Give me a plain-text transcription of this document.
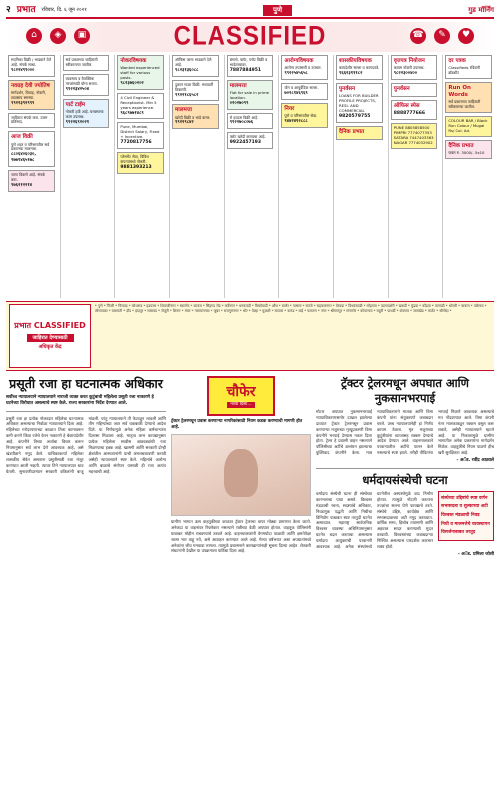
२ प्रभात रविवार, दि. ६ जून २०२१	पुणे	गुड मॉर्निंग
⌂	◈	▣	CLASSIFIED	☎	✎	♥
सदनिका विक्री / भाड्याने देणे आहे. संपर्क साधा.
९८२२४९९०००
नवग्रह देवी ज्योतिष
मार्गदर्शन, विवाह, नोकरी, व्यवसाय समस्या.
९९२२३९२९९९
जाहिरात संपर्क करा. उत्तम प्रतिसाद.
आज विक्री
पुणे शहर व परिसरातील सर्व प्रकारच्या मालमत्ता.
८८०६४०६०३०, ९७७१४६५१७८
जागा विकणे आहे. संपर्क करा.
९७६२१२२१४
सर्व प्रकारच्या जाहिराती स्वीकारल्या जातील.
व्यवसाय व वैयक्तिक गरजांसाठी योग्य सल्ला.
९९२२३४२५०४
पार्ट टाईम
नोकरी हवी आहे. घरबसल्या काम उपलब्ध.
९९२२६९२०२१
नोकरविषयक
Wanted experienced staff for various posts.
९८२३७६०२०२
4 Civil Engineer & Receptionist. Min 5 years experience.
९६८९७७१४८९
Pune, Mumbai, District Salary, Fixed + Incentive.
7720817756
प्लेसमेंट सेवा, विविध कंपन्यांमध्ये नोकरी.
9881393213
ऑफिस जागा भाड्याने देणे आहे.
९८२३१३६०८८
दुकान गाळा विक्री. मध्यवर्ती ठिकाणी.
९९२२१८६५८२
मालमत्ता
खरेदी विक्री व भाडे करार.
९९२२९८४२
बंगलो, फ्लॅट, प्लॉट विक्री व भाडेतत्त्वावर.
7887884951
मालमत्ता
Flat for sale in prime location.
०२०२७०९९
रो हाऊस विक्री आहे.
९९२२७०८०७६
फ्लॅट खरेदी करायचा आहे.
9922457193
आरोग्यविषयक
आरोग्य तपासणी व उपचार.
९९२२५४५६५८
योग व आयुर्वेदिक सल्ला.
७०२८१४६९६९
नियर
पुणे व परिसरातील सेवा.
९४४२४१२८८८
शासकीयविषयक
कायदेशीर सल्ला व कागदपत्रे.
९६६२३१११८२
पुनर्वसन
LOANS FOR BUILDER PROFILE PROJECTS, RESI- AND COMMERCIAL
9820579755
दैनिक प्रभात
वृत्तपत्र नियोजन
कायम नोकरी उपलब्ध.
९८२२३००४००
पुनर्वसन
ऑफिस स्पेस
8888777666
PUNE 8805858500 PIMPRI 7774077353 SATARA 7447403363 NAGAR 7774032902
दर पत्रक
Classifieds रविवारी ब्रॉडशीट
Run On Words
सर्व प्रकारच्या जाहिराती स्वीकारल्या जातील.
COLOUR BAR / Black Run Colour / Mugal Rs/ Col. Ad.
दैनिक प्रभात
फक्त रु. 3000/- 5x10
प्रभात CLASSIFIED
जाहिरात देण्यासाठी
अधिकृत केंद्र
* पुणे * पिंपरी * चिंचवड * कोथरूड * हडपसर * शिवाजीनगर * स्वारगेट * कात्रज * सिंहगड रोड * कर्वेनगर * धनकवडी * बिबवेवाडी * औंध * बाणेर * पाषाण * वारजे * सहकारनगर * येरवडा * विश्रांतवाडी * लोहगाव * वडगावशेरी * खराडी * मुंढवा * कोंढवा * वानवडी * भोसरी * चाकण * तळेगाव * लोणावळा * बारामती * दौंड * इंदापूर * सासवड * जेजुरी * शिरूर * मंचर * नारायणगाव * जुन्नर * राजगुरुनगर * भोर * वेल्हा * मुळशी * सातारा * कराड * वाई * फलटण * नगर * श्रीरामपूर * संगमनेर * कोपरगाव * राहुरी * पाथर्डी * शेवगाव * जामखेड * कर्जत * श्रीगोंदा *
प्रसूती रजा हा घटनात्मक अधिकार
सर्वोच्च न्यायालयाने न्यायालयाने नाराजी व्यक्त करत कुटुंबाची महिलेला प्रसूती रजा नाकारणे हे घटनेच्या विरोधात असल्याचे स्पष्ट केले. राज्य सरकारांना निर्देश देण्यात आले.
प्रसूती रजा हा प्रत्येक नोकरदार महिलेचा घटनात्मक अधिकार असल्याचा निर्वाळा न्यायालयाने दिला आहे. महिलेच्या गरोदरपणाच्या काळात तिला कामावरून कमी करणे किंवा रजेचे वेतन नाकारणे हे बेकायदेशीर आहे. कंपनीने तिच्या अर्जाचा विचार करून नियमानुसार सर्व लाभ देणे आवश्यक आहे, असे खंडपीठाने नमूद केले. याचिकाकर्त्या महिलेला शासकीय सेवेत असताना प्रसूतीसाठी रजा मंजूर करण्यात आली नव्हती. त्यावर तिने न्यायालयात धाव घेतली. सुनावणीदरम्यान सरकारी वकिलांनी बाजू मांडली. परंतु न्यायालयाने ती फेटाळून लावली आणि तीन महिन्यांच्या आत सर्व थकबाकी देण्याचे आदेश दिले. या निर्णयामुळे अनेक महिला कर्मचाऱ्यांना दिलासा मिळाला आहे. मातृत्व लाभ कायद्यानुसार प्रत्येक महिलेला सव्वीस आठवड्यांची रजा मिळण्याचा हक्क आहे. खासगी आणि सरकारी दोन्ही क्षेत्रांतील आस्थापनांनी याची अंमलबजावणी करावी असेही न्यायालयाने स्पष्ट केले. महिलांचे आरोग्य आणि बाळाचे संगोपन यासाठी ही रजा अत्यंत महत्त्वाची आहे.
चौफेर
नव्या दिशा...
ट्रॅक्टर ट्रेलरमधून प्रवास करणाऱ्या नागरिकांसाठी नियम कडक करण्याची मागणी होत आहे.
ग्रामीण भागात ऊस वाहतुकीच्या काळात ट्रॅक्टर ट्रेलरचा वापर मोठ्या प्रमाणात केला जातो. अनेकदा या वाहनांवर रिफ्लेक्टर नसल्याने रात्रीच्या वेळी अपघात होतात. वाहतूक पोलिसांनी याबाबत मोहीम राबवण्याचे ठरवले आहे. वाहनचालकांनी वेगमर्यादा पाळावी आणि क्षमतेपेक्षा जास्त भार वाहू नये, असे आवाहन करण्यात आले आहे. गेल्या वर्षभरात अशा अपघातांमध्ये अनेकांना जीव गमवावा लागला. त्यामुळे प्रशासनाने कारखान्यांनाही सूचना दिल्या आहेत. शेतकरी संघटनांनी देखील या उपक्रमाला पाठिंबा दिला आहे.
ट्रॅक्टर ट्रेलरमधून अपघात आणि नुकसानभरपाई
मोटार अपघात नुकसानभरपाई न्यायाधिकरणासमोर दाखल झालेल्या दाव्यात ट्रॅक्टर ट्रेलरमधून प्रवास करणाऱ्या मजुराच्या मृत्यूप्रकरणी विमा कंपनीने भरपाई देण्यास नकार दिला होता. ट्रेलर हे प्रवासी वाहन नसल्याने पॉलिसीच्या अटींचे उल्लंघन झाल्याचा युक्तिवाद कंपनीने केला. मात्र न्यायाधिकरणाने मालक आणि विमा कंपनी यांना संयुक्तपणे जबाबदार धरले. उच्च न्यायालयानेही हा निर्णय कायम ठेवला. मृत मजुराच्या कुटुंबीयांना व्याजासह रक्कम देण्याचे आदेश देण्यात आले. वाहनमालकाने परवान्यातील अटींचे पालन केले नसल्याचे स्पष्ट झाले. तरीही पीडितांना भरपाई मिळणे आवश्यक असल्याचे मत नोंदवण्यात आले. विमा कंपनी नंतर मालकाकडून रक्कम वसूल करू शकते, असेही न्यायालयाने म्हटले आहे. या निकालामुळे ग्रामीण भागातील अनेक प्रकरणांना मार्गदर्शन मिळेल. वाहतुकीचे नियम पाळणे हीच खरी सुरक्षितता आहे.
- अॅड. रवींद्र आठवले
धर्मदायसंस्थेची घटना
धर्मादाय संस्थेची घटना ही संस्थेच्या कारभाराचा पाया असते. विश्वस्त मंडळाची रचना, सदस्यांचे अधिकार, निवडणूक पद्धती आणि निधीचा विनियोग याबाबत स्पष्ट तरतुदी घटनेत असाव्यात. महाराष्ट्र सार्वजनिक विश्वस्त व्यवस्था अधिनियमानुसार घटनेत बदल करायचा असल्यास धर्मादाय आयुक्तांची परवानगी आवश्यक आहे. अनेक संस्थांमध्ये घटनेतील अस्पष्टतेमुळे वाद निर्माण होतात. त्यामुळे नोंदणी करताना तज्ज्ञांचा सल्ला घेणे फायद्याचे ठरते. संस्थेचे उद्दिष्ट, कार्यक्षेत्र आणि सभासदत्वाच्या अटी नमूद कराव्यात. वार्षिक सभा, हिशोब तपासणी आणि अहवाल सादर करण्याची मुदत ठरवावी. विश्वस्तांच्या जबाबदाऱ्या निश्चित असल्यास पारदर्शक कारभार शक्य होतो.
संस्थेच्या उद्दिष्टांचे स्पष्ट वर्णन
सभासदत्व व शुल्काच्या अटी
विश्वस्त मंडळाची निवड
निधी व मालमत्तेचे व्यवस्थापन
विसर्जनाबाबत तरतूद
- अॅड. प्रमिला जोशी
